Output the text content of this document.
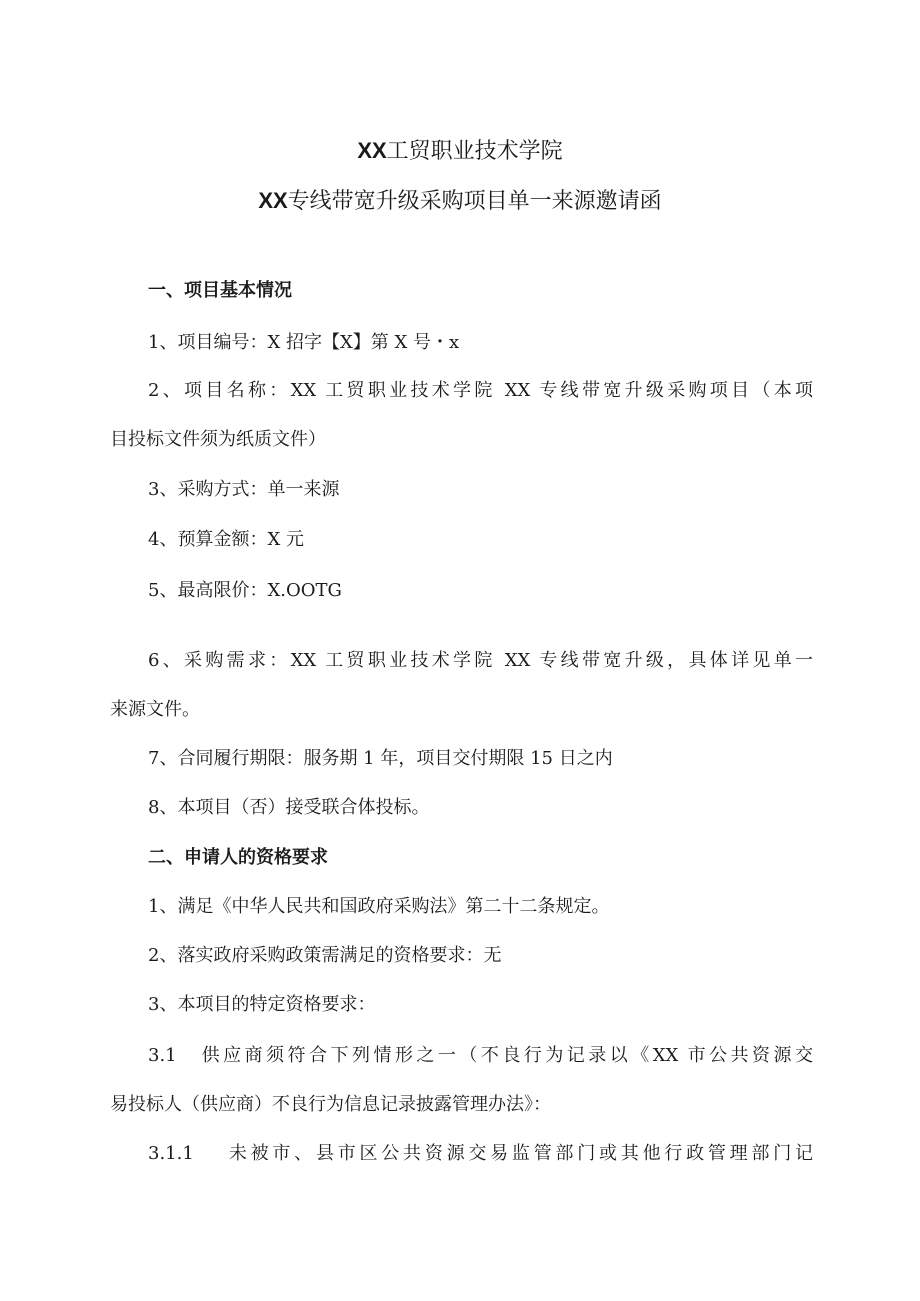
XX工贸职业技术学院
XX专线带宽升级采购项目单一来源邀请函
一、项目基本情况
1、项目编号：X 招字【X】第 X 号・x
2、项目名称：XX 工贸职业技术学院 XX 专线带宽升级采购项目（本项
目投标文件须为纸质文件）
3、采购方式：单一来源
4、预算金额：X 元
5、最高限价：X.OOTG
6、采购需求：XX 工贸职业技术学院 XX 专线带宽升级，具体详见单一
来源文件。
7、合同履行期限：服务期 1 年，项目交付期限 15 日之内
8、本项目（否）接受联合体投标。
二、申请人的资格要求
1、满足《中华人民共和国政府采购法》第二十二条规定。
2、落实政府采购政策需满足的资格要求：无
3、本项目的特定资格要求：
3.1　供应商须符合下列情形之一（不良行为记录以《XX 市公共资源交
易投标人（供应商）不良行为信息记录披露管理办法》：
3.1.1　 未被市、县市区公共资源交易监管部门或其他行政管理部门记
